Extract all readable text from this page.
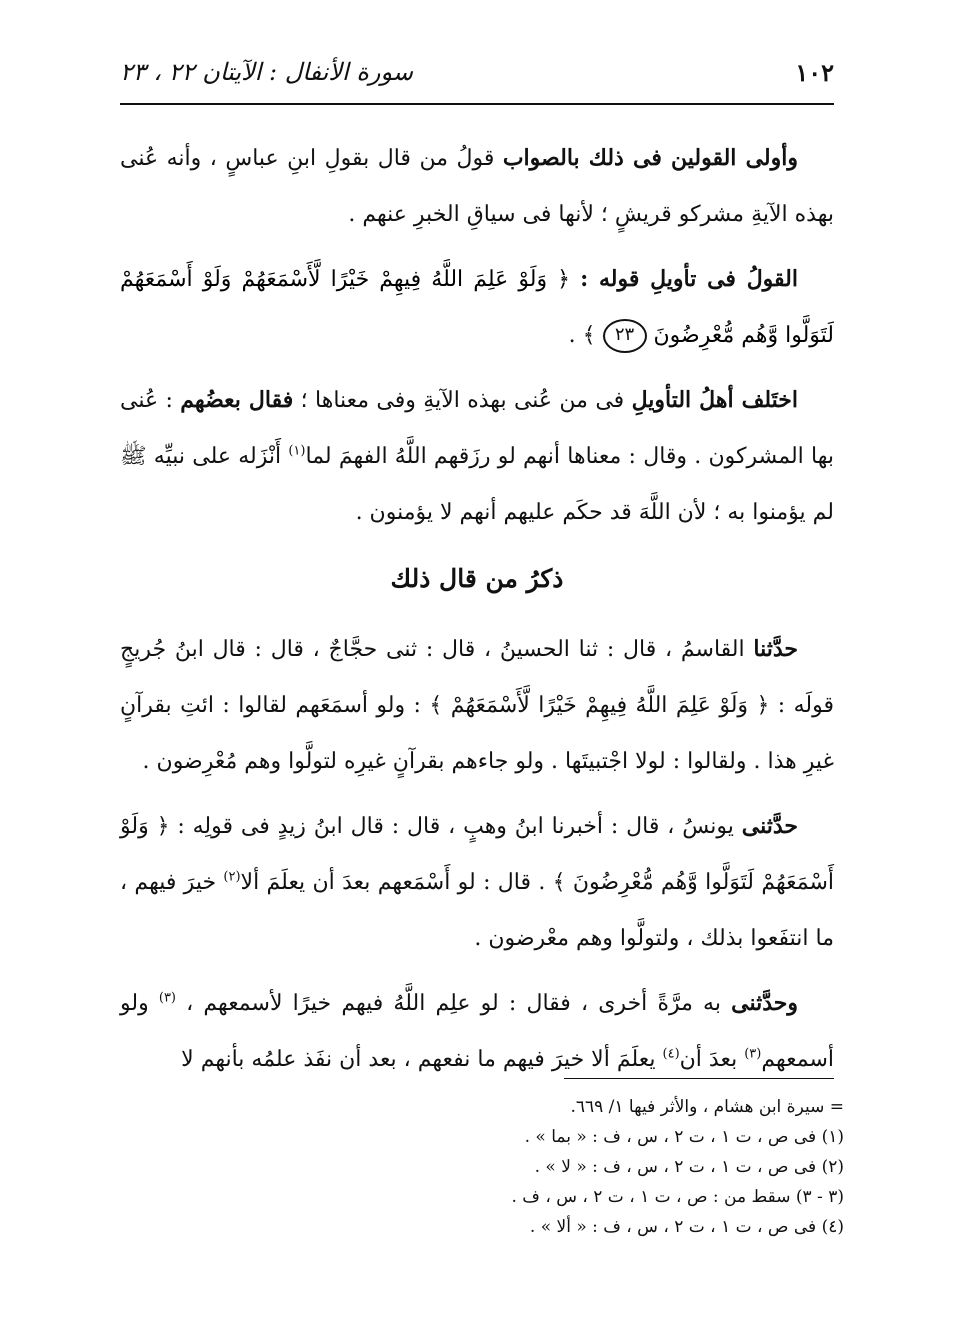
١٠٢
سورة الأنفال : الآيتان ٢٢ ، ٢٣

وأولى القولين فى ذلك بالصواب قولُ من قال بقولِ ابنِ عباسٍ ، وأنه عُنى بهذه الآيةِ مشركو قريشٍ ؛ لأنها فى سياقِ الخبرِ عنهم .

القولُ فى تأويلِ قوله : ﴿ وَلَوْ عَلِمَ اللَّهُ فِيهِمْ خَيْرًا لَّأَسْمَعَهُمْ وَلَوْ أَسْمَعَهُمْ لَتَوَلَّوا وَّهُم مُّعْرِضُونَ ٢٣ ﴾ .

اختَلف أهلُ التأويلِ فى من عُنى بهذه الآيةِ وفى معناها ؛ فقال بعضُهم : عُنى بها المشركون . وقال : معناها أنهم لو رزَقهم اللَّهُ الفهمَ لما$^{(١)}$ أَنْزَله على نبيِّه ﷺ لم يؤمنوا به ؛ لأن اللَّهَ قد حكَم عليهم أنهم لا يؤمنون .

ذكرُ من قال ذلك

حدَّثنا القاسمُ ، قال : ثنا الحسينُ ، قال : ثنى حجَّاجٌ ، قال : قال ابنُ جُريجٍ قولَه : ﴿ وَلَوْ عَلِمَ اللَّهُ فِيهِمْ خَيْرًا لَّأَسْمَعَهُمْ ﴾ : ولو أسمَعَهم لقالوا : ائتِ بقرآنٍ غيرِ هذا . ولقالوا : لولا اجْتبيتَها . ولو جاءهم بقرآنٍ غيرِه لتولَّوا وهم مُعْرِضون .

حدَّثنى يونسُ ، قال : أخبرنا ابنُ وهبٍ ، قال : قال ابنُ زيدٍ فى قولِه : ﴿ وَلَوْ أَسْمَعَهُمْ لَتَوَلَّوا وَّهُم مُّعْرِضُونَ ﴾ . قال : لو أَسْمَعهم بعدَ أن يعلَمَ ألا$^{(٢)}$ خيرَ فيهم ، ما انتفَعوا بذلك ، ولتولَّوا وهم معْرضون .

وحدَّثنى به مرَّةً أخرى ، فقال : لو علِم اللَّهُ فيهم خيرًا لأسمعهم ، $^{(٣)}$ ولو أسمعهم$^{(٣)}$ بعدَ أن$^{(٤)}$ يعلَمَ ألا خيرَ فيهم ما نفعهم ، بعد أن نفَذ علمُه بأنهم لا

= سيرة ابن هشام ، والأثر فيها ١/ ٦٦٩.
(١) فى ص ، ت ١ ، ت ٢ ، س ، ف : « بما » .
(٢) فى ص ، ت ١ ، ت ٢ ، س ، ف : « لا » .
(٣ - ٣) سقط من : ص ، ت ١ ، ت ٢ ، س ، ف .
(٤) فى ص ، ت ١ ، ت ٢ ، س ، ف : « ألا » .
